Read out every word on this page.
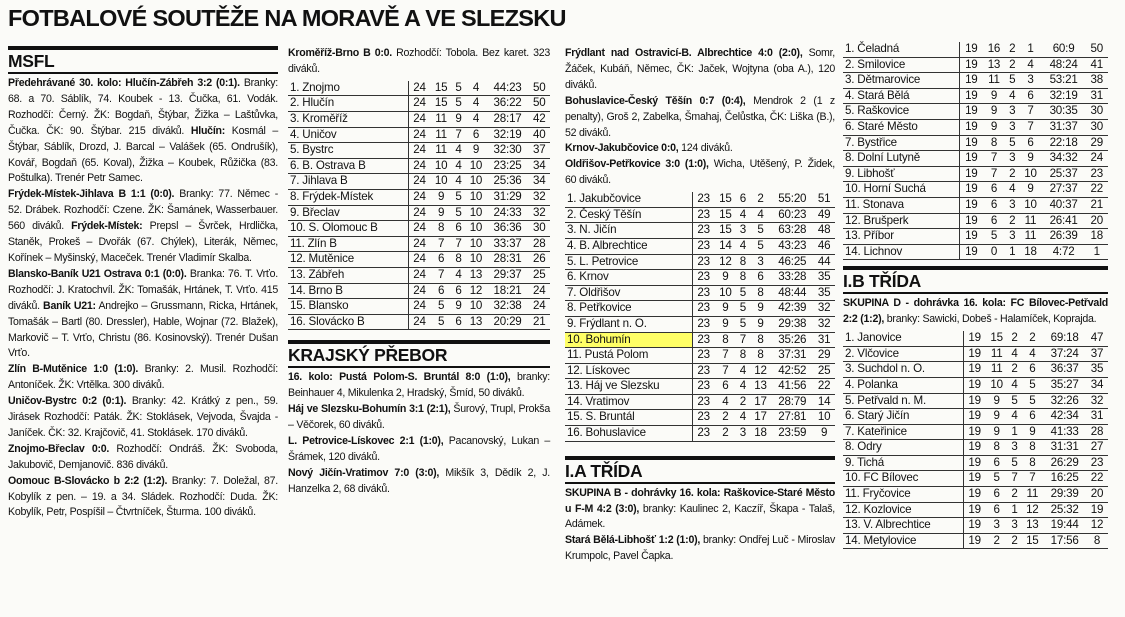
FOTBALOVÉ SOUTĚŽE NA MORAVĚ A VE SLEZSKU
MSFL

Předehrávané 30. kolo: Hlučín-Zábřeh 3:2 (0:1). Branky: 68. a 70. Sáblík, 74. Koubek - 13. Čučka, 61. Vodák. Rozhodčí: Černý. ŽK: Bogdaň, Štýbar, Žižka – Laštůvka, Čučka. ČK: 90. Štýbar. 215 diváků. Hlučín: Kosmál – Štýbar, Sáblík, Drozd, J. Barcal – Valášek (65. Ondrušík), Kovář, Bogdaň (65. Koval), Žižka – Koubek, Růžička (83. Poštulka). Trenér Petr Samec.

Frýdek-Místek-Jihlava B 1:1 (0:0). Branky: 77. Němec - 52. Drábek. Rozhodčí: Czene. ŽK: Šamánek, Wasserbauer. 560 diváků. Frýdek-Místek: Prepsl – Švrček, Hrdlička, Staněk, Prokeš – Dvořák (67. Chýlek), Literák, Němec, Kořínek – Myšinský, Maceček. Trenér Vladimír Skalba.

Blansko-Baník U21 Ostrava 0:1 (0:0). Branka: 76. T. Vrťo. Rozhodčí: J. Kratochvíl. ŽK: Tomašák, Hrtánek, T. Vrťo. 415 diváků. Baník U21: Andrejko – Grussmann, Ricka, Hrtánek, Tomašák – Bartl (80. Dressler), Hable, Wojnar (72. Blažek), Markovič – T. Vrťo, Christu (86. Kosinovský). Trenér Dušan Vrťo.

Zlín B-Mutěnice 1:0 (1:0). Branky: 2. Musil. Rozhodčí: Antoníček. ŽK: Vrtělka. 300 diváků.

Uničov-Bystrc 0:2 (0:1). Branky: 42. Krátký z pen., 59. Jirásek Rozhodčí: Paták. ŽK: Stoklásek, Vejvoda, Švajda - Janíček. ČK: 32. Krajčovič, 41. Stoklásek. 170 diváků.

Znojmo-Břeclav 0:0. Rozhodčí: Ondráš. ŽK: Svoboda, Jakubovič, Demjanovič. 836 diváků.

Oomouc B-Slovácko b 2:2 (1:2). Branky: 7. Doležal, 87. Kobylík z pen. – 19. a 34. Sládek. Rozhodčí: Duda. ŽK: Kobylík, Petr, Pospíšil – Čtvrtníček, Šturma. 100 diváků.

Kroměříž-Brno B 0:0. Rozhodčí: Tobola. Bez karet. 323 diváků.

1. Znojmo	24	15	5	4	44:23	50
2. Hlučín	24	15	5	4	36:22	50
3. Kroměříž	24	11	9	4	28:17	42
4. Uničov	24	11	7	6	32:19	40
5. Bystrc	24	11	4	9	32:30	37
6. B. Ostrava B	24	10	4	10	23:25	34
7. Jihlava B	24	10	4	10	25:36	34
8. Frýdek-Místek	24	9	5	10	31:29	32
9. Břeclav	24	9	5	10	24:33	32
10. S. Olomouc B	24	8	6	10	36:36	30
11. Zlín B	24	7	7	10	33:37	28
12. Mutěnice	24	6	8	10	28:31	26
13. Zábřeh	24	7	4	13	29:37	25
14. Brno B	24	6	6	12	18:21	24
15. Blansko	24	5	9	10	32:38	24
16. Slovácko B	24	5	6	13	20:29	21
KRAJSKÝ PŘEBOR

16. kolo: Pustá Polom-S. Bruntál 8:0 (1:0), branky: Beinhauer 4, Mikulenka 2, Hradský, Šmíd, 50 diváků.

Háj ve Slezsku-Bohumín 3:1 (2:1), Šurový, Trupl, Prokša – Věčorek, 60 diváků.

L. Petrovice-Lískovec 2:1 (1:0), Pacanovský, Lukan – Šrámek, 120 diváků.

Nový Jičín-Vratimov 7:0 (3:0), Mikšík 3, Dědík 2, J. Hanzelka 2, 68 diváků.

Frýdlant nad Ostravicí-B. Albrechtice 4:0 (2:0), Somr, Žáček, Kubáň, Němec, ČK: Jaček, Wojtyna (oba A.), 120 diváků.

Bohuslavice-Český Těšín 0:7 (0:4), Mendrok 2 (1 z penalty), Groš 2, Zabelka, Šmahaj, Čelůstka, ČK: Liška (B.), 52 diváků.

Krnov-Jakubčovice 0:0, 124 diváků.

Oldřišov-Petřkovice 3:0 (1:0), Wicha, Utěšený, P. Židek, 60 diváků.

1. Jakubčovice	23	15	6	2	55:20	51
2. Český Těšín	23	15	4	4	60:23	49
3. N. Jičín	23	15	3	5	63:28	48
4. B. Albrechtice	23	14	4	5	43:23	46
5. L. Petrovice	23	12	8	3	46:25	44
6. Krnov	23	9	8	6	33:28	35
7. Oldřišov	23	10	5	8	48:44	35
8. Petřkovice	23	9	5	9	42:39	32
9. Frýdlant n. O.	23	9	5	9	29:38	32
10. Bohumín	23	8	7	8	35:26	31
11. Pustá Polom	23	7	8	8	37:31	29
12. Lískovec	23	7	4	12	42:52	25
13. Háj ve Slezsku	23	6	4	13	41:56	22
14. Vratimov	23	4	2	17	28:79	14
15. S. Bruntál	23	2	4	17	27:81	10
16. Bohuslavice	23	2	3	18	23:59	9
I.A TŘÍDA

SKUPINA B - dohrávky 16. kola: Raškovice-Staré Město u F-M 4:2 (3:0), branky: Kaulinec 2, Kaczíř, Škapa - Talaš, Adámek.

Stará Bělá-Libhošť 1:2 (1:0), branky: Ondřej Luč - Miroslav Krumpolc, Pavel Čapka.

1. Čeladná	19	16	2	1	60:9	50
2. Smilovice	19	13	2	4	48:24	41
3. Dětmarovice	19	11	5	3	53:21	38
4. Stará Bělá	19	9	4	6	32:19	31
5. Raškovice	19	9	3	7	30:35	30
6. Staré Město	19	9	3	7	31:37	30
7. Bystřice	19	8	5	6	22:18	29
8. Dolní Lutyně	19	7	3	9	34:32	24
9. Libhošť	19	7	2	10	25:37	23
10. Horní Suchá	19	6	4	9	27:37	22
11. Stonava	19	6	3	10	40:37	21
12. Brušperk	19	6	2	11	26:41	20
13. Příbor	19	5	3	11	26:39	18
14. Lichnov	19	0	1	18	4:72	1
I.B TŘÍDA

SKUPINA D - dohrávka 16. kola: FC Bílovec-Petřvald 2:2 (1:2), branky: Sawicki, Dobeš - Halamíček, Koprajda.

1. Janovice	19	15	2	2	69:18	47
2. Vlčovice	19	11	4	4	37:24	37
3. Suchdol n. O.	19	11	2	6	36:37	35
4. Polanka	19	10	4	5	35:27	34
5. Petřvald n. M.	19	9	5	5	32:26	32
6. Starý Jičín	19	9	4	6	42:34	31
7. Kateřinice	19	9	1	9	41:33	28
8. Odry	19	8	3	8	31:31	27
9. Tichá	19	6	5	8	26:29	23
10. FC Bílovec	19	5	7	7	16:25	22
11. Fryčovice	19	6	2	11	29:39	20
12. Kozlovice	19	6	1	12	25:32	19
13. V. Albrechtice	19	3	3	13	19:44	12
14. Metylovice	19	2	2	15	17:56	8
